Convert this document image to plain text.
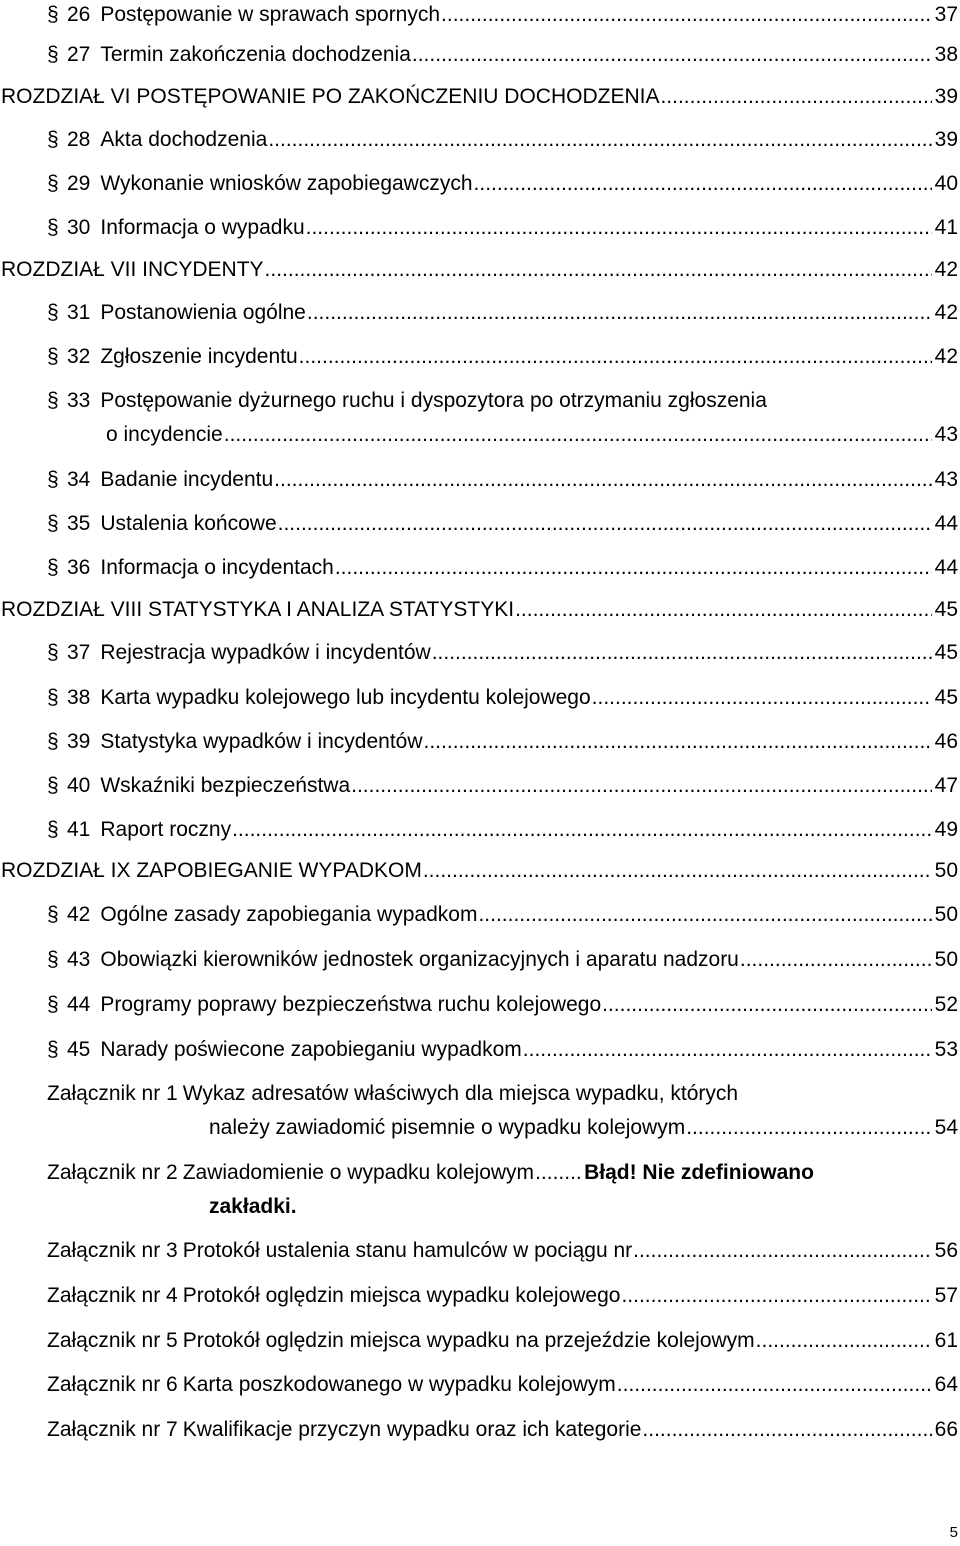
§ 26 Postępowanie w sprawach spornych .....	37
§ 27 Termin zakończenia dochodzenia .....	38
ROZDZIAŁ VI POSTĘPOWANIE PO ZAKOŃCZENIU DOCHODZENIA .....	39
§ 28 Akta dochodzenia .....	39
§ 29 Wykonanie wniosków zapobiegawczych .....	40
§ 30 Informacja o wypadku .....	41
ROZDZIAŁ VII INCYDENTY .....	42
§ 31 Postanowienia ogólne .....	42
§ 32 Zgłoszenie incydentu .....	42
§ 33 Postępowanie dyżurnego ruchu i dyspozytora po otrzymaniu zgłoszenia
o incydencie .....	43
§ 34 Badanie incydentu .....	43
§ 35 Ustalenia końcowe .....	44
§ 36 Informacja o incydentach .....	44
ROZDZIAŁ VIII STATYSTYKA I ANALIZA STATYSTYKI .....	45
§ 37 Rejestracja wypadków i incydentów .....	45
§ 38 Karta wypadku kolejowego lub incydentu kolejowego .....	45
§ 39 Statystyka wypadków i incydentów .....	46
§ 40 Wskaźniki bezpieczeństwa .....	47
§ 41 Raport roczny .....	49
ROZDZIAŁ IX ZAPOBIEGANIE WYPADKOM .....	50
§ 42 Ogólne zasady zapobiegania wypadkom .....	50
§ 43 Obowiązki kierowników jednostek organizacyjnych i aparatu nadzoru .....	50
§ 44 Programy poprawy bezpieczeństwa ruchu kolejowego .....	52
§ 45 Narady poświecone zapobieganiu wypadkom .....	53
Załącznik nr 1 Wykaz adresatów właściwych dla miejsca wypadku, których
należy zawiadomić pisemnie o wypadku kolejowym .....	54
Załącznik nr 2 Zawiadomienie o wypadku kolejowym ..... Błąd! Nie zdefiniowano
zakładki.
Załącznik nr 3 Protokół ustalenia stanu hamulców w pociągu nr .....	56
Załącznik nr 4 Protokół oględzin miejsca wypadku kolejowego .....	57
Załącznik nr 5 Protokół oględzin miejsca wypadku na przejeździe kolejowym .....	61
Załącznik nr 6 Karta poszkodowanego w wypadku kolejowym .....	64
Załącznik nr 7 Kwalifikacje przyczyn wypadku oraz ich kategorie .....	66
5
